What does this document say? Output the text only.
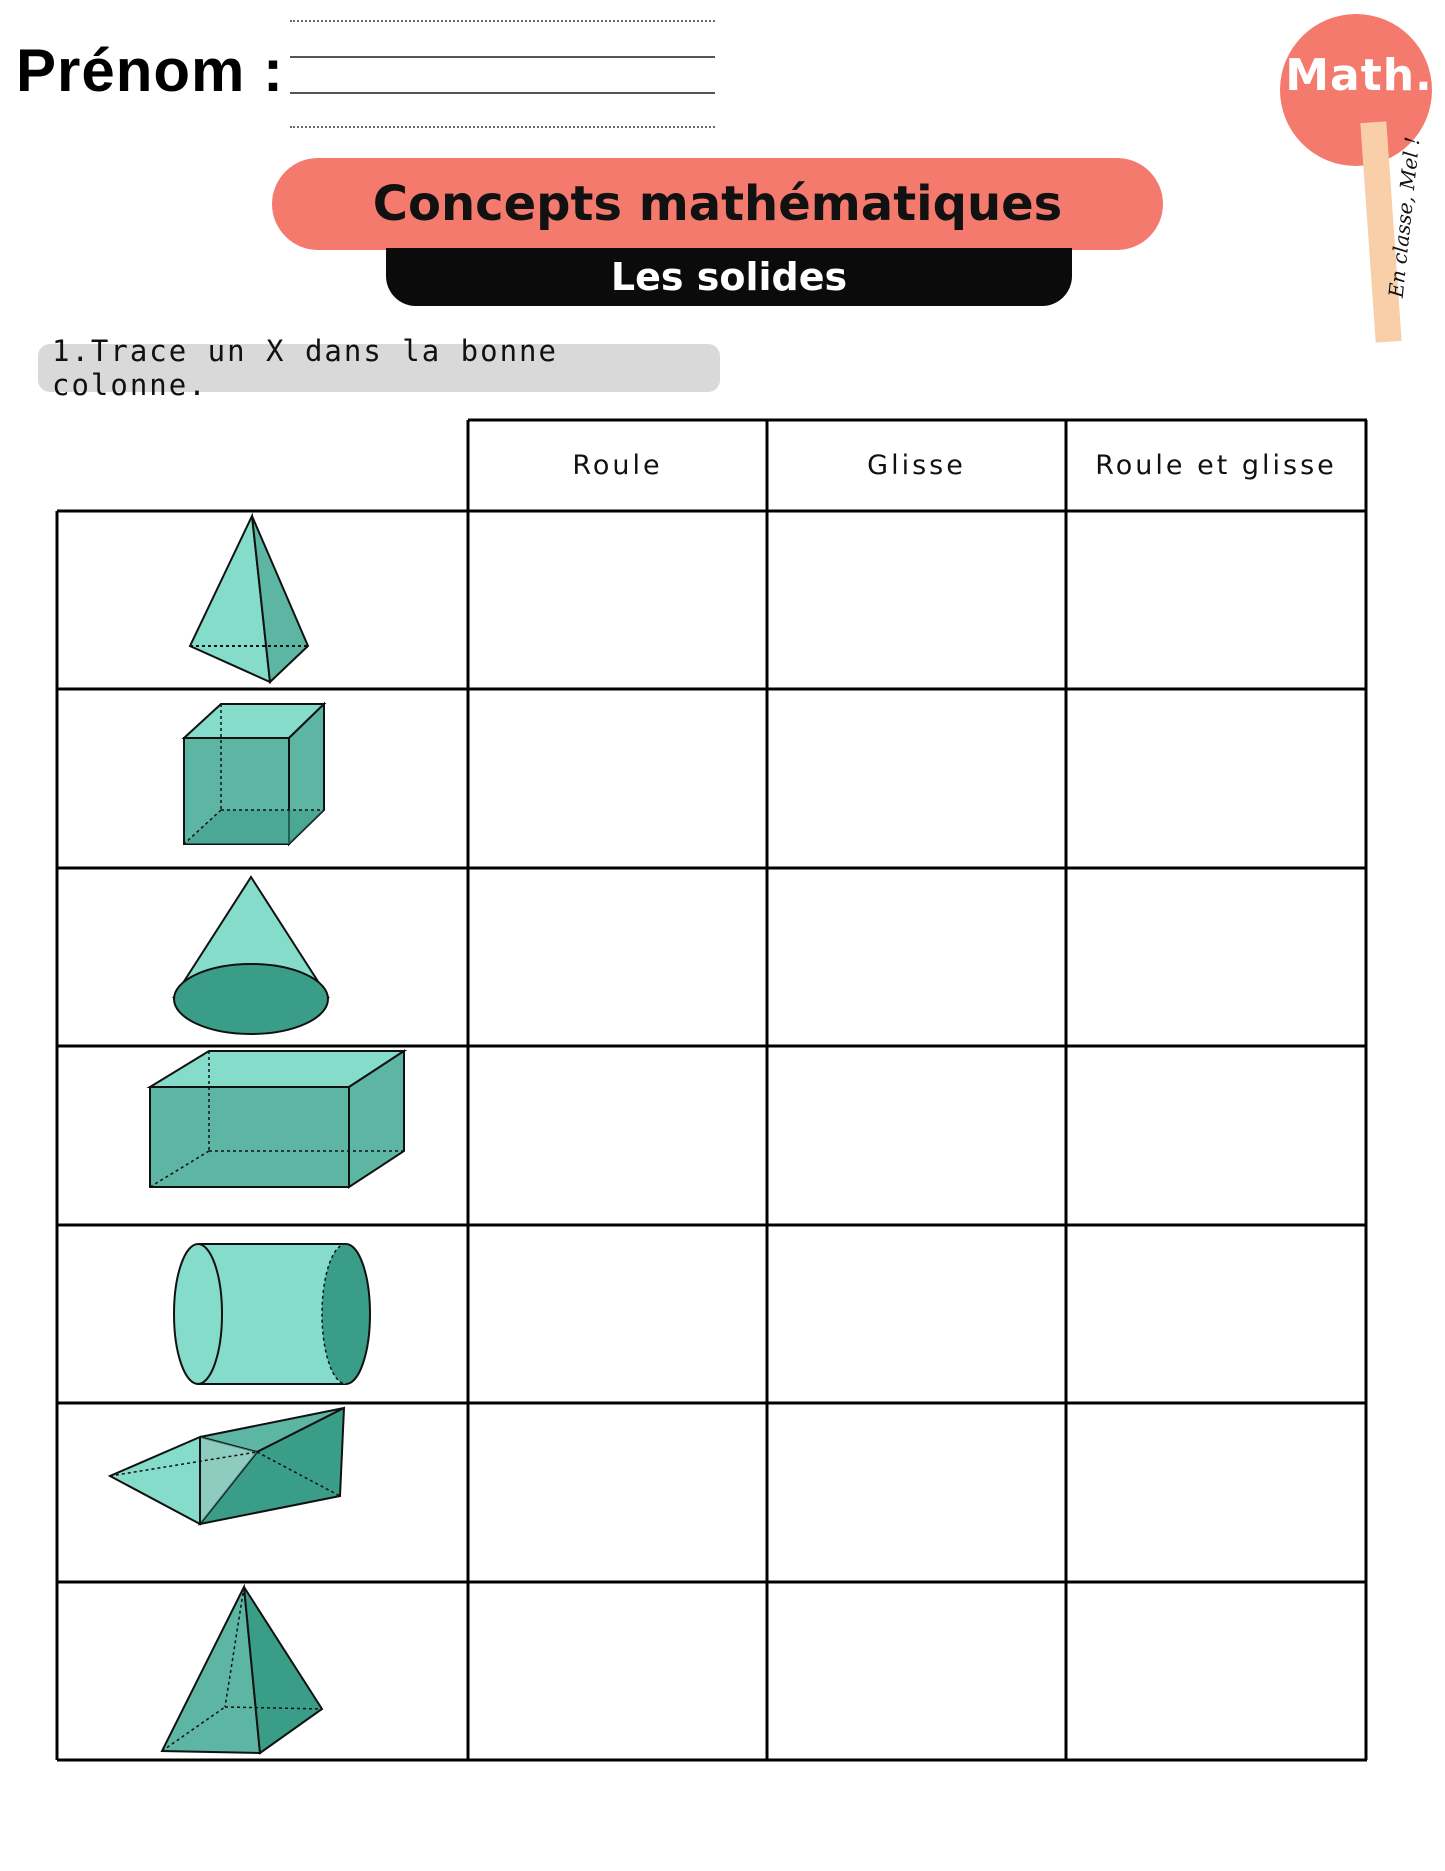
Prénom :	Math.
En classe, Mel !
Concepts mathématiques
Les solides
1.Trace un X dans la bonne colonne.
Roule	Glisse	Roule et glisse
